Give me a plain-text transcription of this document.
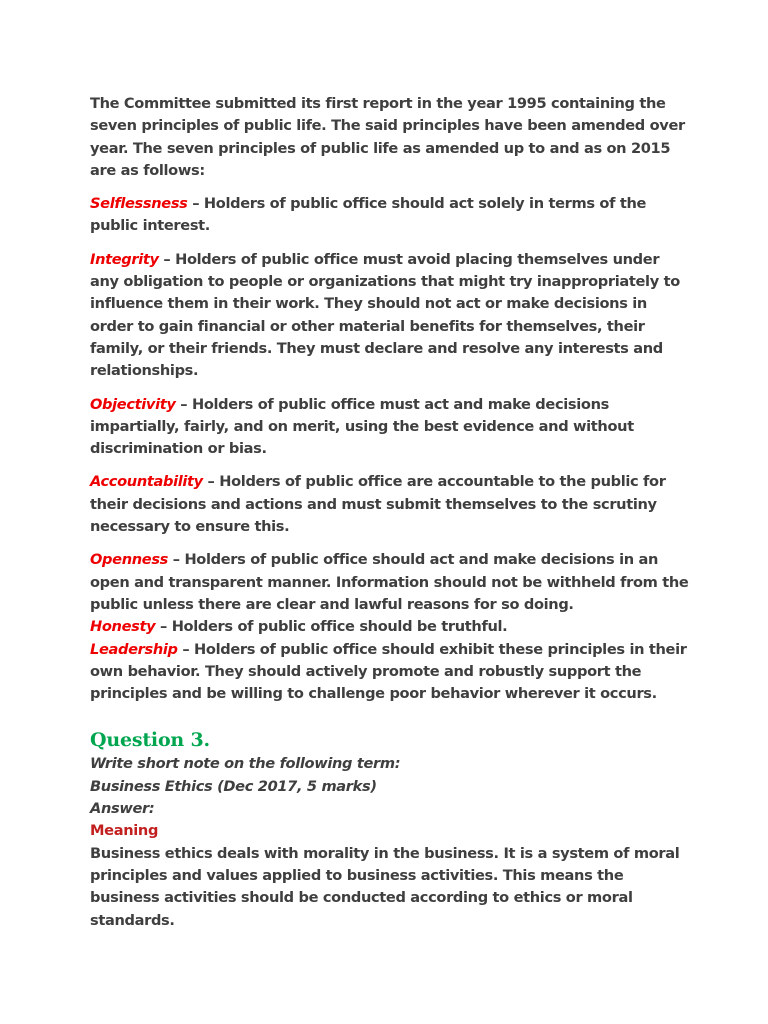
The Committee submitted its first report in the year 1995 containing the seven principles of public life. The said principles have been amended over year. The seven principles of public life as amended up to and as on 2015 are as follows:

Selflessness – Holders of public office should act solely in terms of the public interest.

Integrity – Holders of public office must avoid placing themselves under any obligation to people or organizations that might try inappropriately to influence them in their work. They should not act or make decisions in order to gain financial or other material benefits for themselves, their family, or their friends. They must declare and resolve any interests and relationships.

Objectivity – Holders of public office must act and make decisions impartially, fairly, and on merit, using the best evidence and without discrimination or bias.

Accountability – Holders of public office are accountable to the public for their decisions and actions and must submit themselves to the scrutiny necessary to ensure this.

Openness – Holders of public office should act and make decisions in an open and transparent manner. Information should not be withheld from the public unless there are clear and lawful reasons for so doing.

Honesty – Holders of public office should be truthful.

Leadership – Holders of public office should exhibit these principles in their own behavior. They should actively promote and robustly support the principles and be willing to challenge poor behavior wherever it occurs.

Question 3.

Write short note on the following term:

Business Ethics (Dec 2017, 5 marks)

Answer:

Meaning

Business ethics deals with morality in the business. It is a system of moral principles and values applied to business activities. This means the business activities should be conducted according to ethics or moral standards.
